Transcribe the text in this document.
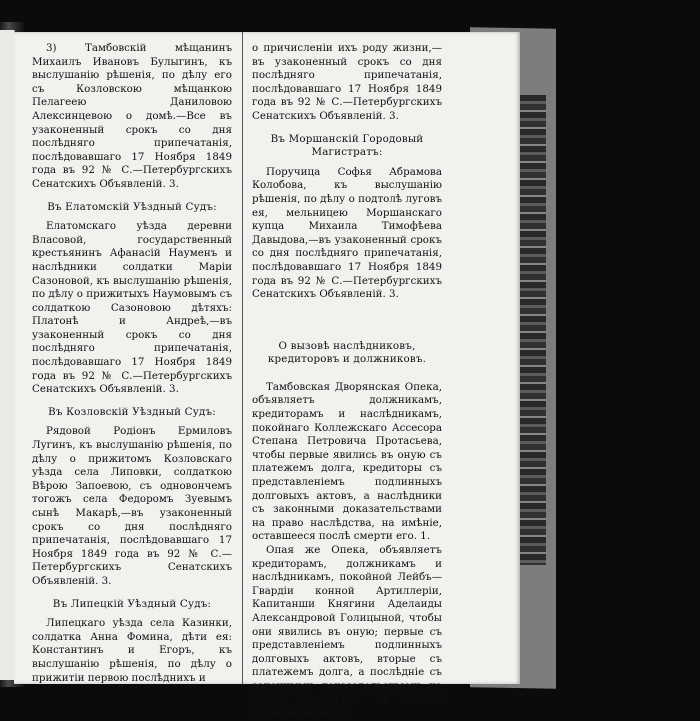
3) Тамбовскій мѣщанинъ Михаилъ Ивановъ Булыгинъ, къ выслушанію рѣшенія, по дѣлу его съ Козловскою мѣщанкою Пелагеею Даниловою Алексинцевою о домѣ.—Все въ узаконенный срокъ со дня послѣдняго припечатанія, послѣдовавшаго 17 Ноября 1849 года въ 92 № С.—Петербургскихъ Сенатскихъ Объявленій. 3.

Въ Елатомскій Уѣздный Судъ:

Елатомскаго уѣзда деревни Власовой, государственный крестьянинъ Афанасій Науменъ и наслѣдники солдатки Маріи Сазоновой, къ выслушанію рѣшенія, по дѣлу о прижитыхъ Наумовымъ съ солдаткою Сазоновою дѣтяхъ: Платонѣ и Андреѣ,—въ узаконенный срокъ со дня послѣдняго припечатанія, послѣдовавшаго 17 Ноября 1849 года въ 92 № С.—Петербургскихъ Сенатскихъ Объявленій. 3.

Въ Козловскій Уѣздный Судъ:

Рядовой Родіонъ Ермиловъ Лугинъ, къ выслушанію рѣшенія, по дѣлу о прижитомъ Козловскаго уѣзда села Липовки, солдаткою Вѣрою Запоевою, съ одновончемъ тогожъ села Федоромъ Зуевымъ сынѣ Макарѣ,—въ узаконенный срокъ со дня послѣдняго припечатанія, послѣдовавшаго 17 Ноября 1849 года въ 92 № С.—Петербургскихъ Сенатскихъ Объявленій. 3.

Въ Липецкій Уѣздный Судъ:

Липецкаго уѣзда села Казинки, солдатка Анна Фомина, дѣти ея: Константинъ и Егоръ, къ выслушанію рѣшенія, по дѣлу о прижитіи первою послѣднихъ и

о причисленіи ихъ роду жизни,—въ узаконенный срокъ со дня послѣдняго припечатанія, послѣдовавшаго 17 Ноября 1849 года въ 92 № С.—Петербургскихъ Сенатскихъ Объявленій. 3.

Въ Моршанскій Городовый Магистратъ:

Поручица Софья Абрамова Колобова, къ выслушанію рѣшенія, по дѣлу о подтолѣ луговъ ея, мельницею Моршанскаго купца Михаила Тимофѣева Давыдова,—въ узаконенный срокъ со дня послѣдняго припечатанія, послѣдовавшаго 17 Ноября 1849 года въ 92 № С.—Петербургскихъ Сенатскихъ Объявленій. 3.

О вызовѣ наслѣдниковъ, кредиторовъ и должниковъ.

Тамбовская Дворянская Опека, объявляетъ должникамъ, кредиторамъ и наслѣдникамъ, покойнаго Коллежскаго Ассесора Степана Петровича Протасьева, чтобы первые явились въ оную съ платежемъ долга, кредиторы съ представленіемъ подлинныхъ долговыхъ актовъ, а наслѣдники съ законными доказательствами на право наслѣдства, на имѣніе, оставшееся послѣ смерти его. 1.

Опая же Опека, объявляетъ кредиторамъ, должникамъ и наслѣдникамъ, покойной Лейбъ—Гвардіи конной Артиллеріи, Капитанши Княгини Аделаиды Александровой Голицыной, чтобы они явились въ оную; первые съ представленіемъ подлинныхъ долговыхъ актовъ, вторые съ платежемъ долга, а послѣдніе съ законными доказательствами на право наслѣдства, на имѣніе, оставшееся послѣ
